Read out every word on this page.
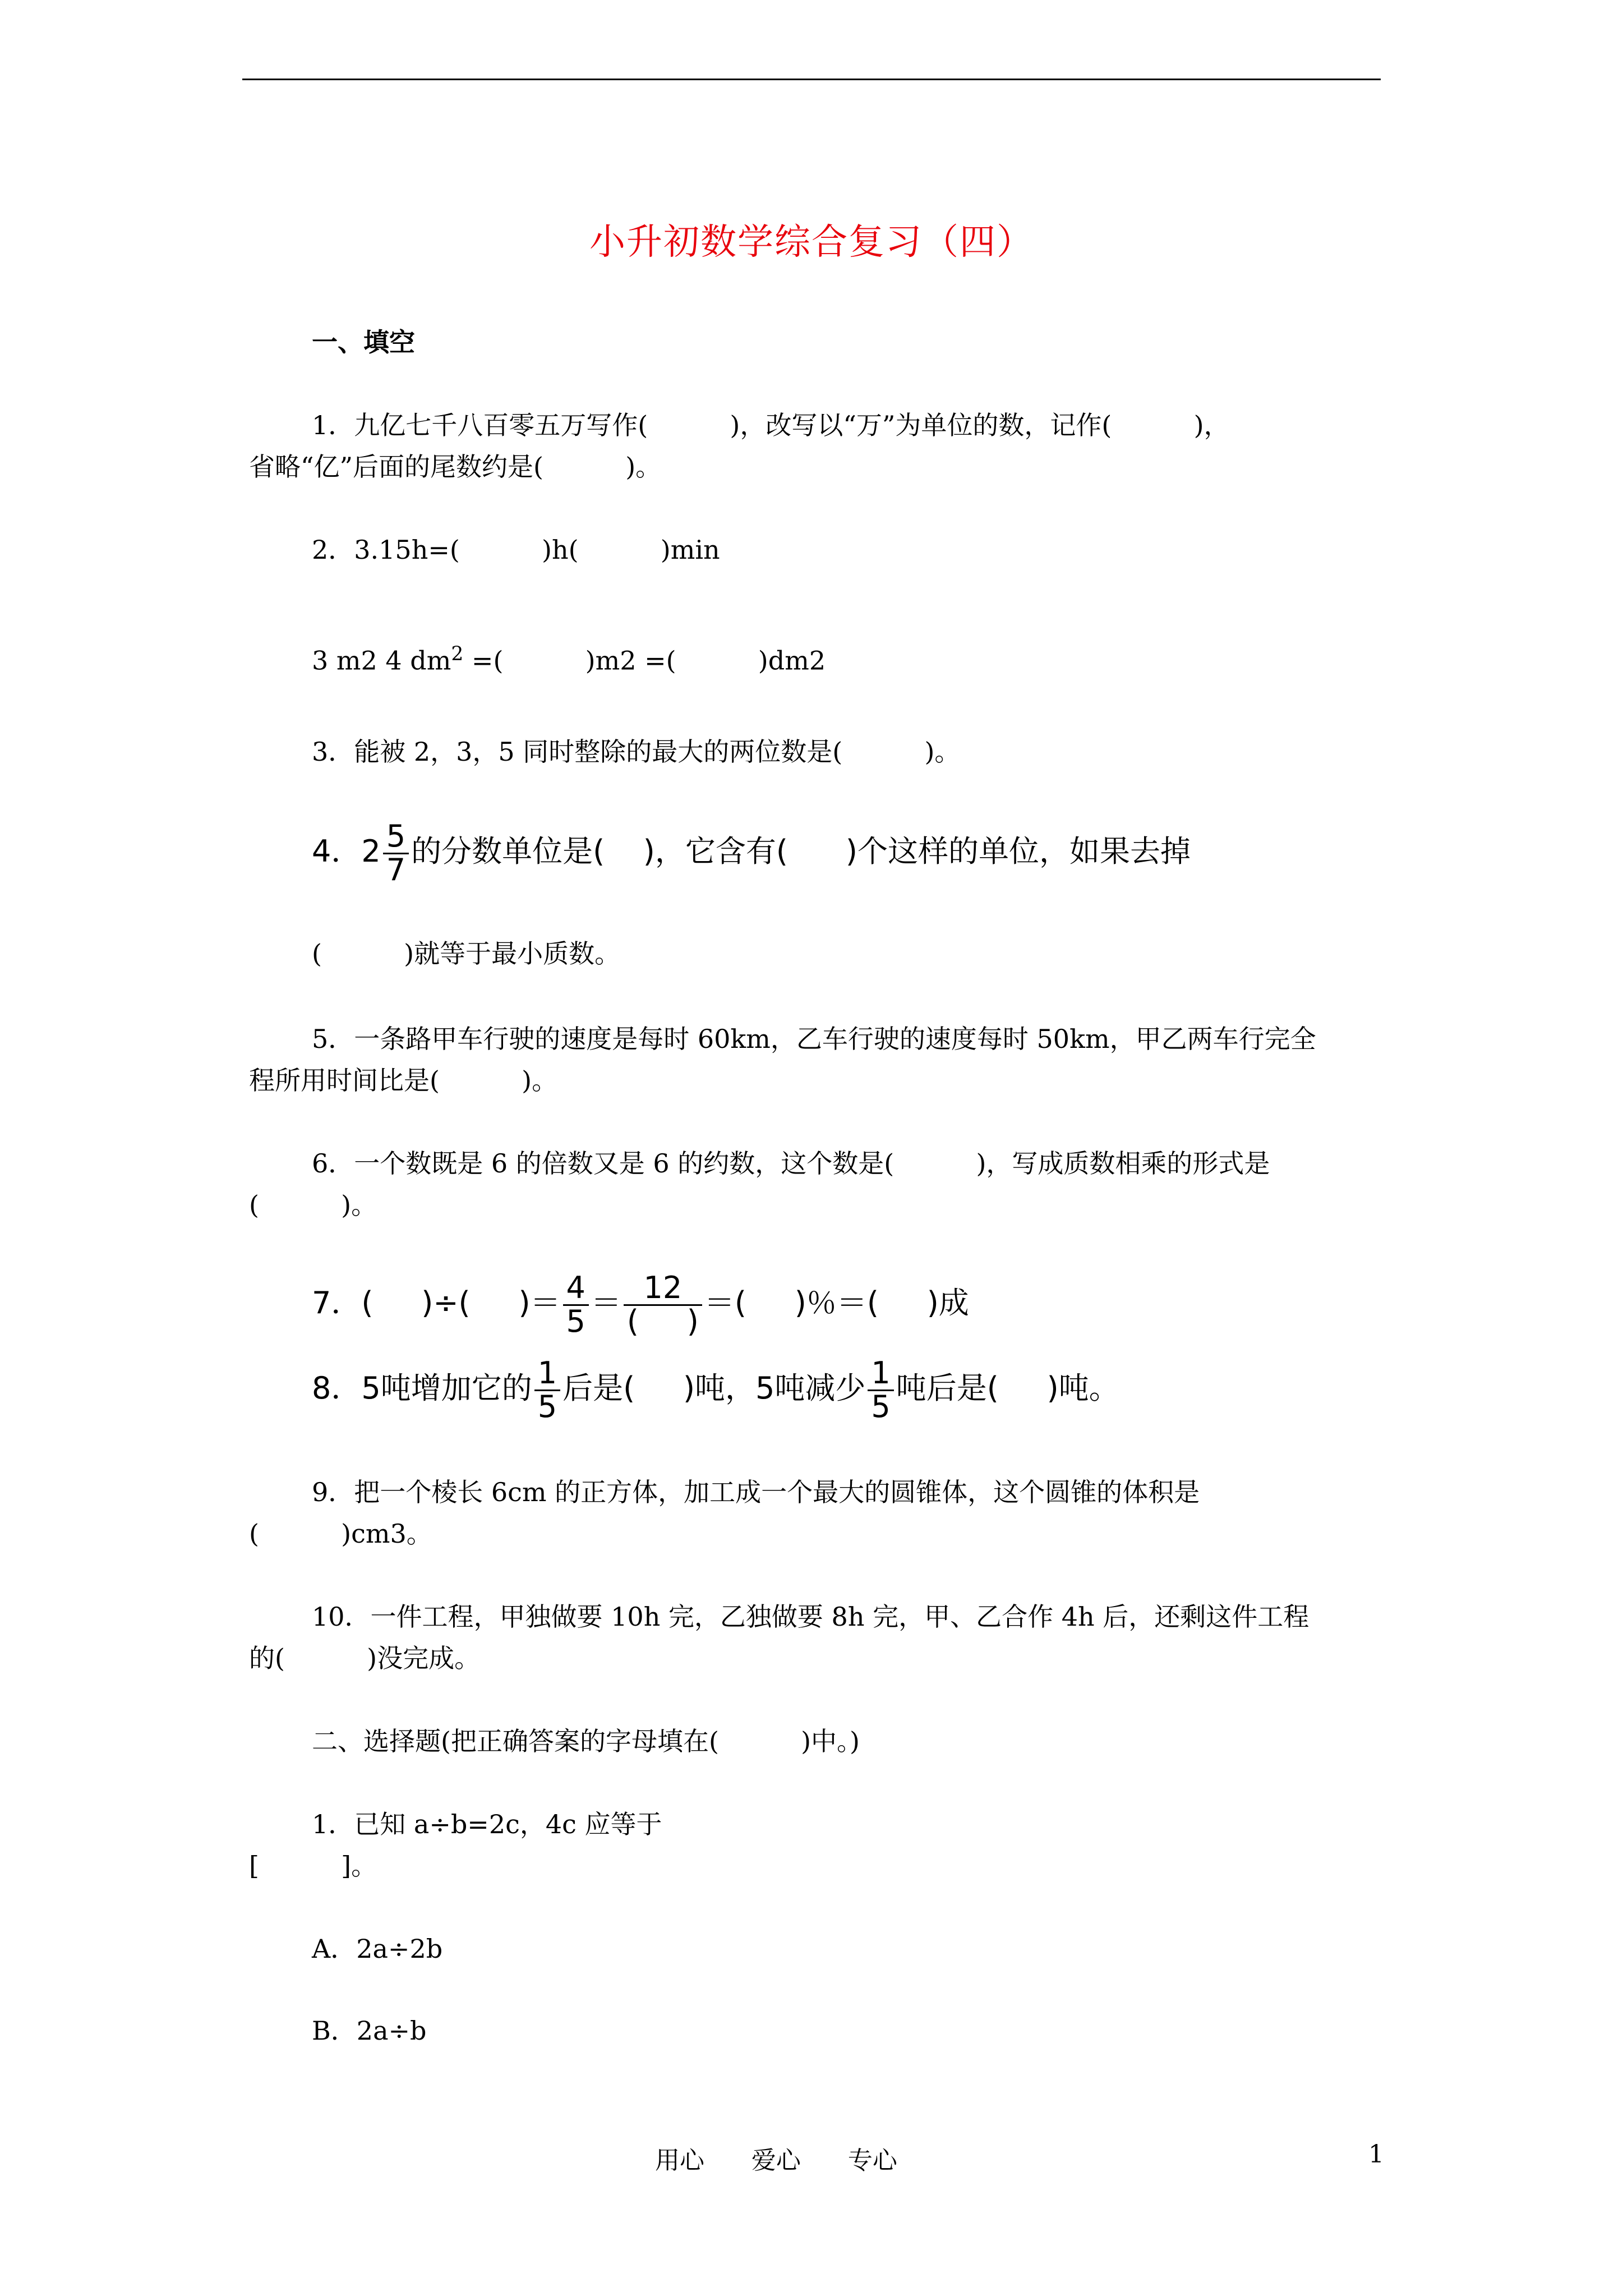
小升初数学综合复习（四）
一、填空
1．九亿七千八百零五万写作(          )，改写以“万”为单位的数，记作(          )，
省略“亿”后面的尾数约是(          )。
2．3.15h=(          )h(          )min
3 m2 4 $dm^2$ =(          )m2 =(          )dm2
3．能被 2，3，5 同时整除的最大的两位数是(          )。
4．$2 \frac{5}{7}$ 的分数单位是(    )，它含有(      )个这样的单位，如果去掉
(          )就等于最小质数。
5．一条路甲车行驶的速度是每时 60km，乙车行驶的速度每时 50km，甲乙两车行完全
程所用时间比是(          )。
6．一个数既是 6 的倍数又是 6 的约数，这个数是(          )，写成质数相乘的形式是
(          )。
7．(     )÷(     )＝ $\frac{4}{5} = \frac{12}{( )}$ ＝(     )％＝(     )成
8．5吨增加它的 $\frac{1}{5}$ 后是(     )吨，5吨减少 $\frac{1}{5}$ 吨后是(     )吨。
9．把一个棱长 6cm 的正方体，加工成一个最大的圆锥体，这个圆锥的体积是
(          )cm3。
10．一件工程，甲独做要 10h 完，乙独做要 8h 完，甲、乙合作 4h 后，还剩这件工程
的(          )没完成。
二、选择题(把正确答案的字母填在(          )中。)
1．已知 a÷b=2c，4c 应等于
[          ]。
A．2a÷2b
B．2a÷b
用心      爱心      专心	1
